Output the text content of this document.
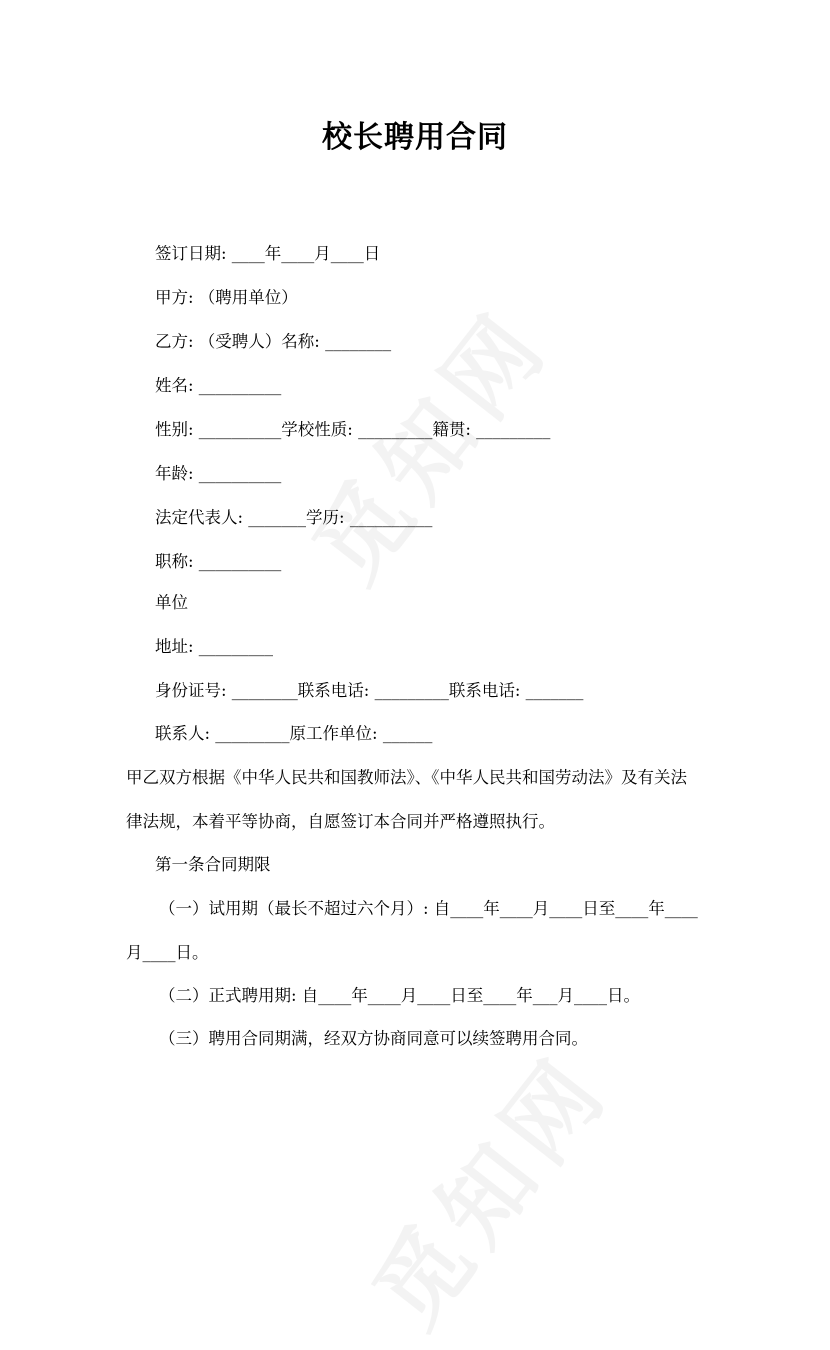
校长聘用合同
签订日期: ____年____月____日
甲方: （聘用单位）
乙方: （受聘人）名称: ________
姓名: __________
性别: __________学校性质: _________籍贯: _________
年龄: __________
法定代表人: _______学历: __________
职称: __________
单位
地址: _________
身份证号: ________联系电话: _________联系电话: _______
联系人: _________原工作单位: ______
甲乙双方根据《中华人民共和国教师法》、《中华人民共和国劳动法》及有关法
律法规，本着平等协商，自愿签订本合同并严格遵照执行。
第一条合同期限
（一）试用期（最长不超过六个月）: 自____年____月____日至____年____
月____日。
（二）正式聘用期: 自____年____月____日至____年___月____日。
（三）聘用合同期满，经双方协商同意可以续签聘用合同。
